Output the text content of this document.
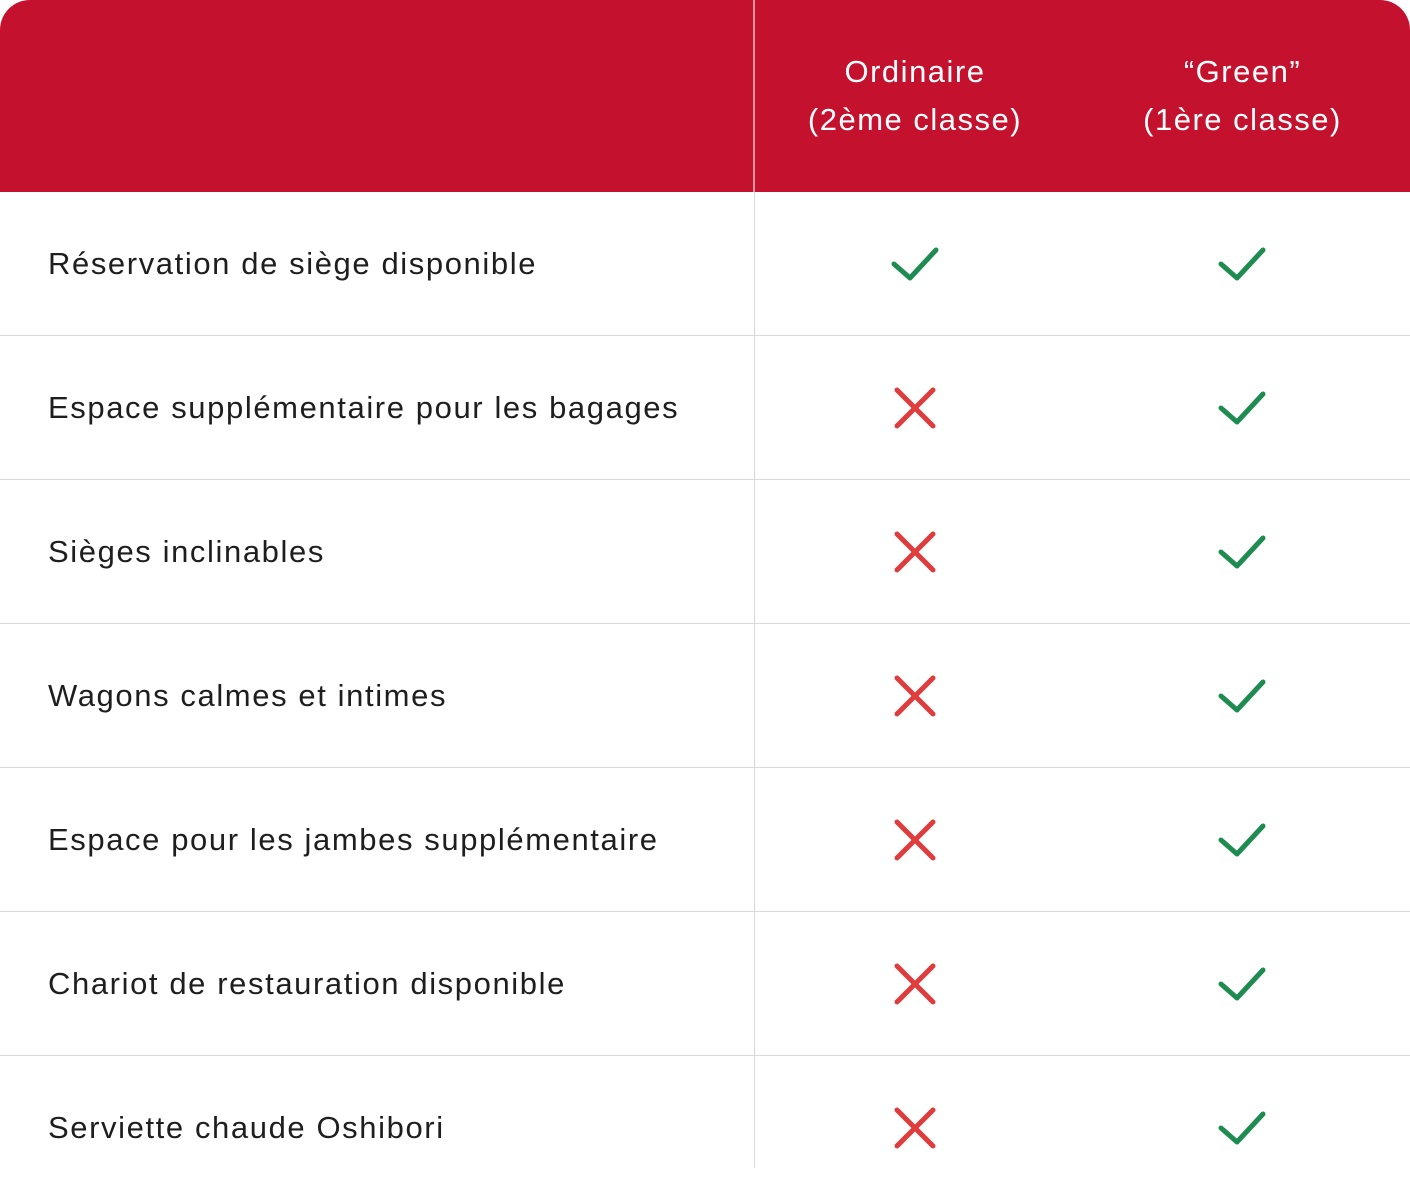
Ordinaire
(2ème classe)
“Green”
(1ère classe)
Réservation de siège disponible
Espace supplémentaire pour les bagages
Sièges inclinables
Wagons calmes et intimes
Espace pour les jambes supplémentaire
Chariot de restauration disponible
Serviette chaude Oshibori
